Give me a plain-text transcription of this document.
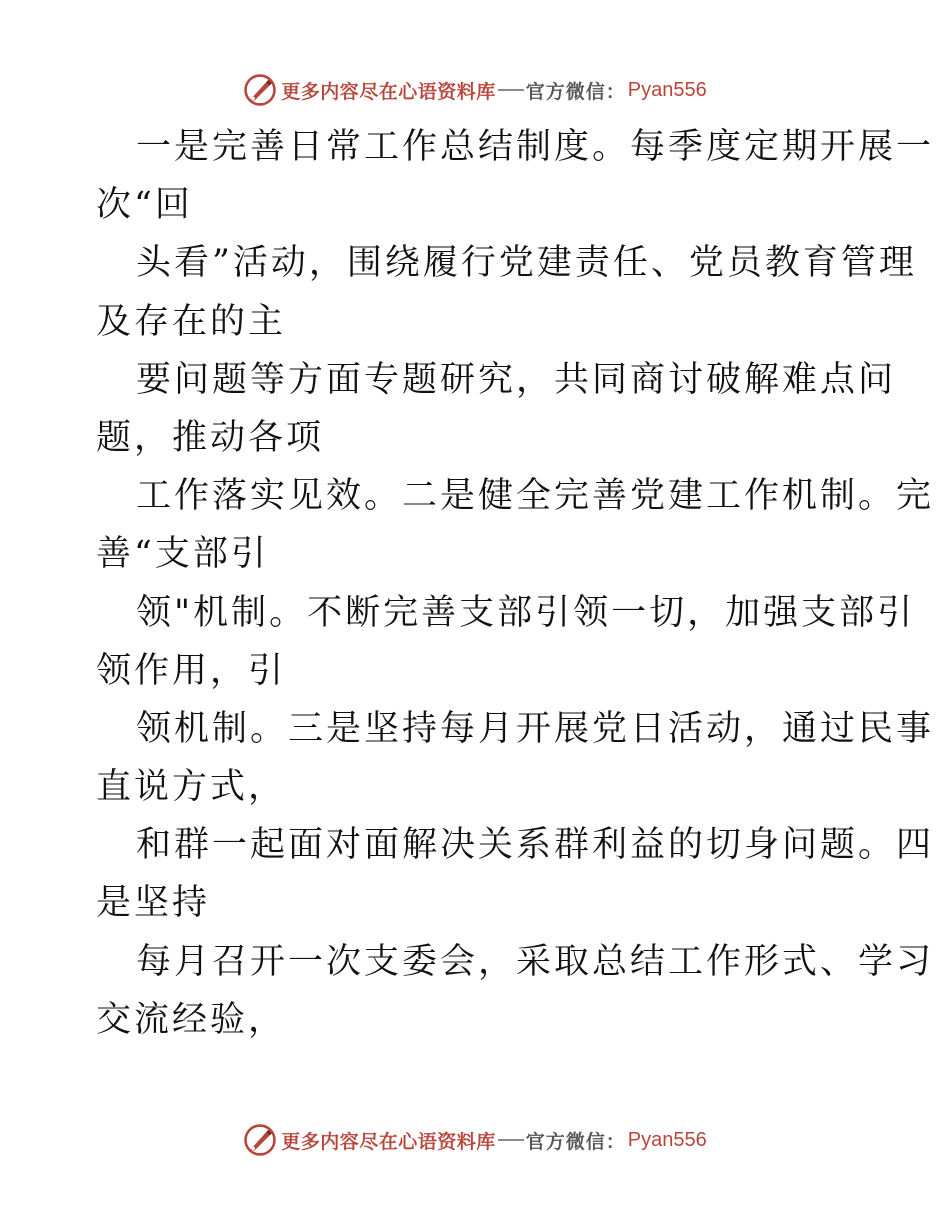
更多内容尽在心语资料库 官方微信： Pyan556
一是完善日常工作总结制度。每季度定期开展一
次“回
头看”活动，围绕履行党建责任、党员教育管理
及存在的主
要问题等方面专题研究，共同商讨破解难点问
题，推动各项
工作落实见效。二是健全完善党建工作机制。完
善“支部引
领"机制。不断完善支部引领一切，加强支部引
领作用，引
领机制。三是坚持每月开展党日活动，通过民事
直说方式，
和群一起面对面解决关系群利益的切身问题。四
是坚持
每月召开一次支委会，采取总结工作形式、学习
交流经验，
更多内容尽在心语资料库 官方微信： Pyan556
